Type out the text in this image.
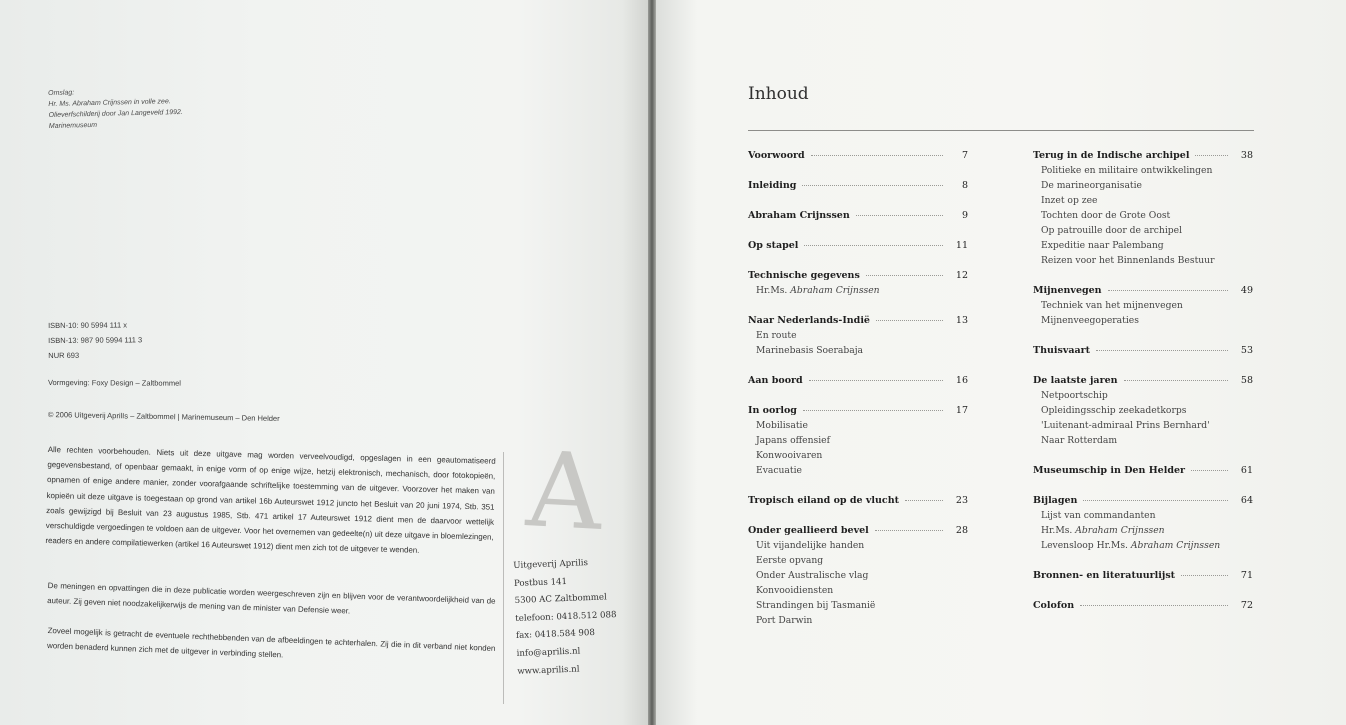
Omslag:
Hr. Ms. Abraham Crijnssen in volle zee.
Olieverfschilderij door Jan Langeveld 1992.
Marinemuseum
ISBN-10: 90 5994 111 x
ISBN-13: 987 90 5994 111 3
NUR 693
Vormgeving: Foxy Design – Zaltbommel
© 2006 Uitgeverij AprilIs – Zaltbommel | Marinemuseum – Den Helder
Alle rechten voorbehouden. Niets uit deze uitgave mag worden verveelvoudigd, opgeslagen in een geautomatiseerd gegevensbestand, of openbaar gemaakt, in enige vorm of op enige wijze, hetzij elektronisch, mechanisch, door fotokopieën, opnamen of enige andere manier, zonder voorafgaande schriftelijke toestemming van de uitgever. Voorzover het maken van kopieën uit deze uitgave is toegestaan op grond van artikel 16b Auteurswet 1912 juncto het Besluit van 20 juni 1974, Stb. 351 zoals gewijzigd bij Besluit van 23 augustus 1985, Stb. 471 artikel 17 Auteurswet 1912 dient men de daarvoor wettelijk verschuldigde vergoedingen te voldoen aan de uitgever. Voor het overnemen van gedeelte(n) uit deze uitgave in bloemlezingen, readers en andere compilatiewerken (artikel 16 Auteurswet 1912) dient men zich tot de uitgever te wenden.
De meningen en opvattingen die in deze publicatie worden weergeschreven zijn en blijven voor de verantwoordelijkheid van de auteur. Zij geven niet noodzakelijkerwijs de mening van de minister van Defensie weer.
Zoveel mogelijk is getracht de eventuele rechthebbenden van de afbeeldingen te achterhalen. Zij die in dit verband niet konden worden benaderd kunnen zich met de uitgever in verbinding stellen.
A
Uitgeverij Aprilis
Postbus 141
5300 AC Zaltbommel
telefoon: 0418.512 088
fax: 0418.584 908
info@aprilis.nl
www.aprilis.nl
Inhoud
Voorwoord	7
Inleiding	8
Abraham Crijnssen	9
Op stapel	11
Technische gegevens	12
Hr.Ms. Abraham Crijnssen
Naar Nederlands-Indië	13
En route
Marinebasis Soerabaja
Aan boord	16
In oorlog	17
Mobilisatie
Japans offensief
Konwooivaren
Evacuatie
Tropisch eiland op de vlucht	23
Onder geallieerd bevel	28
Uit vijandelijke handen
Eerste opvang
Onder Australische vlag
Konvooidiensten
Strandingen bij Tasmanië
Port Darwin
Terug in de Indische archipel	38
Politieke en militaire ontwikkelingen
De marineorganisatie
Inzet op zee
Tochten door de Grote Oost
Op patrouille door de archipel
Expeditie naar Palembang
Reizen voor het Binnenlands Bestuur
Mijnenvegen	49
Techniek van het mijnenvegen
Mijnenveegoperaties
Thuisvaart	53
De laatste jaren	58
Netpoortschip
Opleidingsschip zeekadetkorps
'Luitenant-admiraal Prins Bernhard'
Naar Rotterdam
Museumschip in Den Helder	61
Bijlagen	64
Lijst van commandanten
Hr.Ms. Abraham Crijnssen
Levensloop Hr.Ms. Abraham Crijnssen
Bronnen- en literatuurlijst	71
Colofon	72
